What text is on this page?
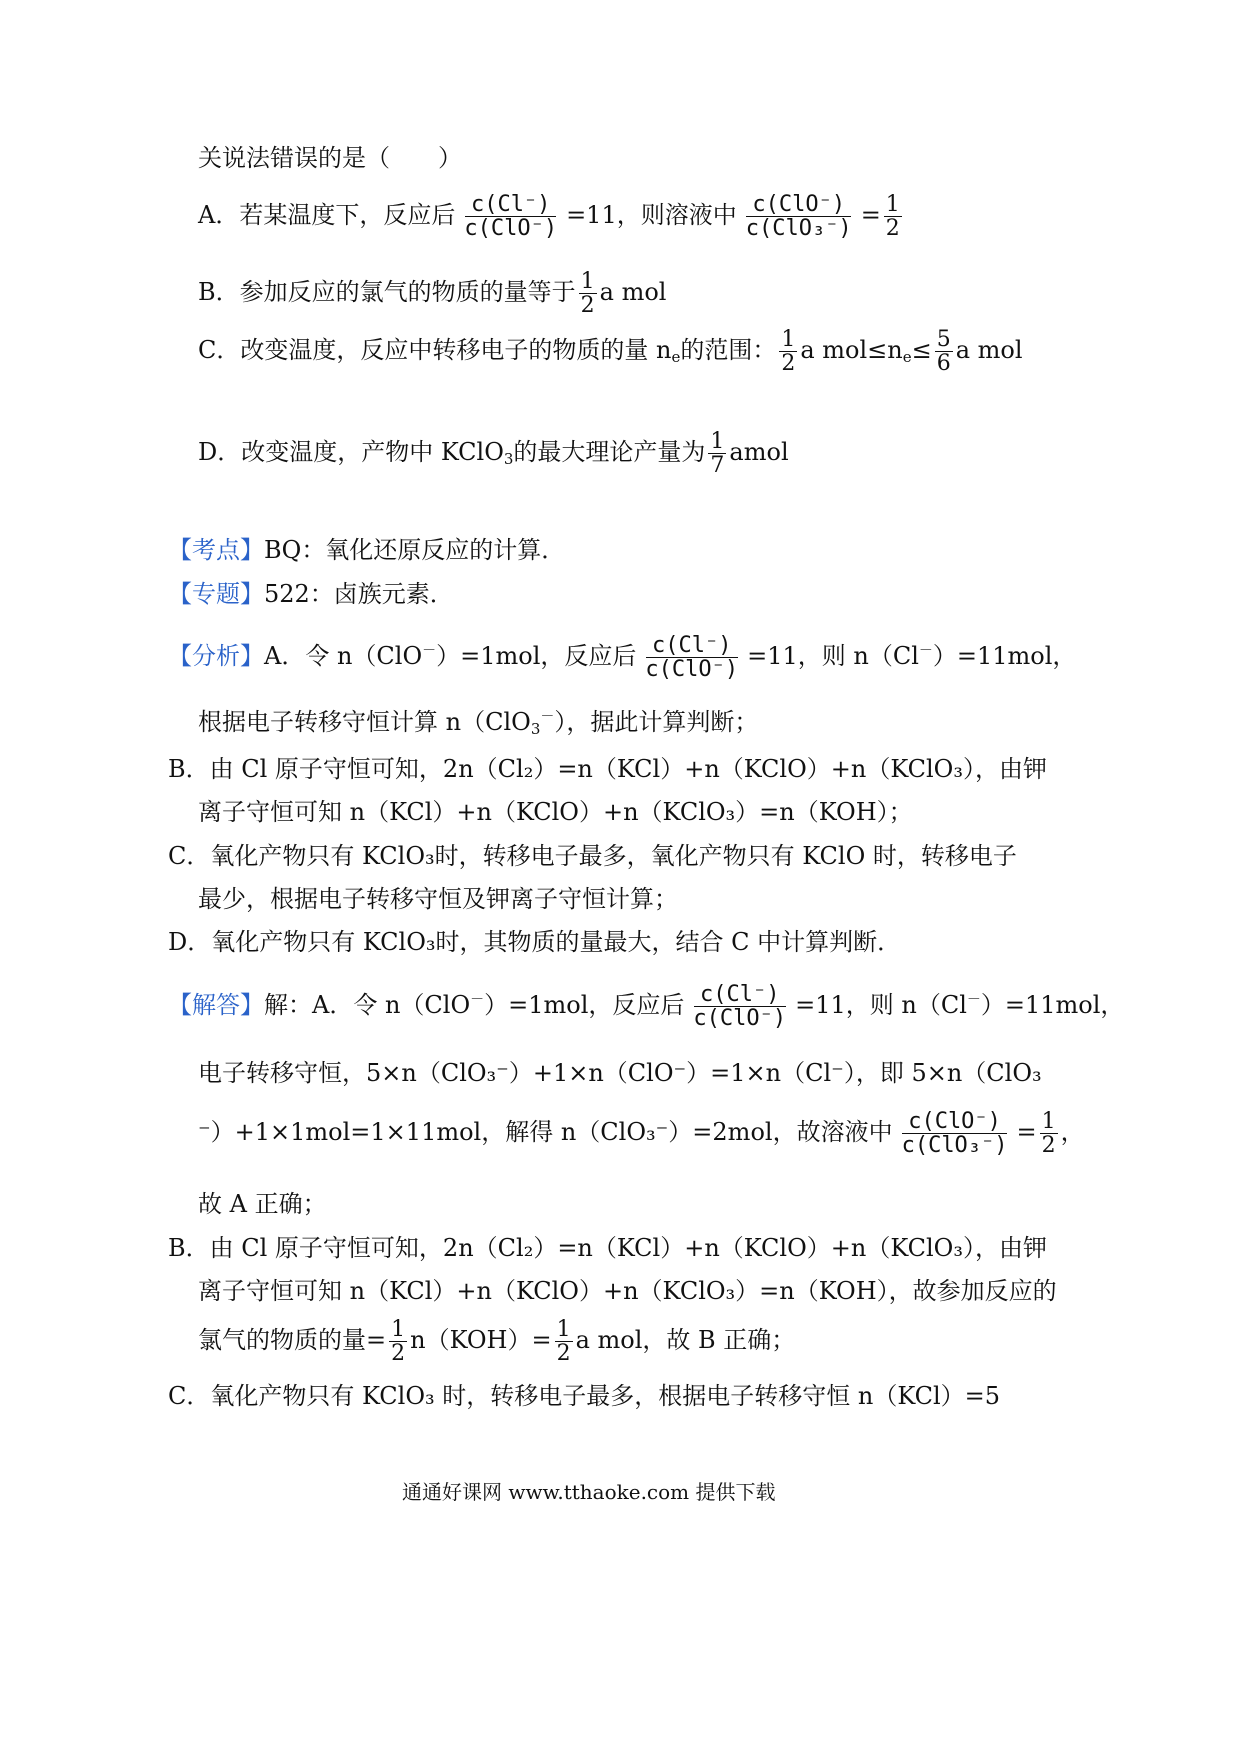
关说法错误的是（　　）
A．若某温度下，反应后 $\frac{c(Cl^-)}{\text{c(ClO⁻)}} =11$，则溶液中 $\frac{\text{c(ClO⁻)}}{\text{c(ClO₃⁻)}} = \frac{1}{2}$
B．参加反应的氯气的物质的量等于 $\frac{1}{2}$ a mol
C．改变温度，反应中转移电子的物质的量 $n_e$的范围： $\frac{1}{2}$ a $mol\le n_e\le \frac{5}{6}$ a mol
D．改变温度，产物中 KClO$_3$的最大理论产量为 $\frac{1}{7}$ amol
【考点】BQ：氧化还原反应的计算．
【专题】522：卤族元素．
【分析】A．令 n（ClO－）=1mol，反应后 $\frac{c(Cl^-)}{\text{c(ClO⁻)}} =11$，则 n（Cl－）=11mol，
根据电子转移守恒计算 n（ClO$_3$－），据此计算判断；
B．由 Cl 原子守恒可知，2n（Cl₂）=n（KCl）+n（KClO）+n（KClO₃），由钾
离子守恒可知 n（KCl）+n（KClO）+n（KClO₃）=n（KOH）；
C．氧化产物只有 KClO₃时，转移电子最多，氧化产物只有 KClO 时，转移电子
最少，根据电子转移守恒及钾离子守恒计算；
D．氧化产物只有 KClO₃时，其物质的量最大，结合 C 中计算判断．
【解答】解：A．令 n（ClO－）=1mol，反应后 $\frac{c(Cl^-)}{\text{c(ClO⁻)}} =11$，则 n（Cl－）=11mol，
电子转移守恒，5×n（ClO₃⁻）+1×n（ClO⁻）=1×n（Cl⁻），即 5×n（ClO₃
⁻）+1×1mol=1×11mol，解得 n（ClO₃⁻）=2mol，故溶液中 $\frac{\text{c(ClO⁻)}}{\text{c(ClO₃⁻)}} = \frac{1}{2}$ ，
故 A 正确；
B．由 Cl 原子守恒可知，2n（Cl₂）=n（KCl）+n（KClO）+n（KClO₃），由钾
离子守恒可知 n（KCl）+n（KClO）+n（KClO₃）=n（KOH），故参加反应的
氯气的物质的量= $\frac{1}{2} n(KOH)= \frac{1}{2}$ a mol，故 B 正确；
C．氧化产物只有 KClO₃ 时，转移电子最多，根据电子转移守恒 n（KCl）=5
通通好课网 www.tthaoke.com 提供下载
